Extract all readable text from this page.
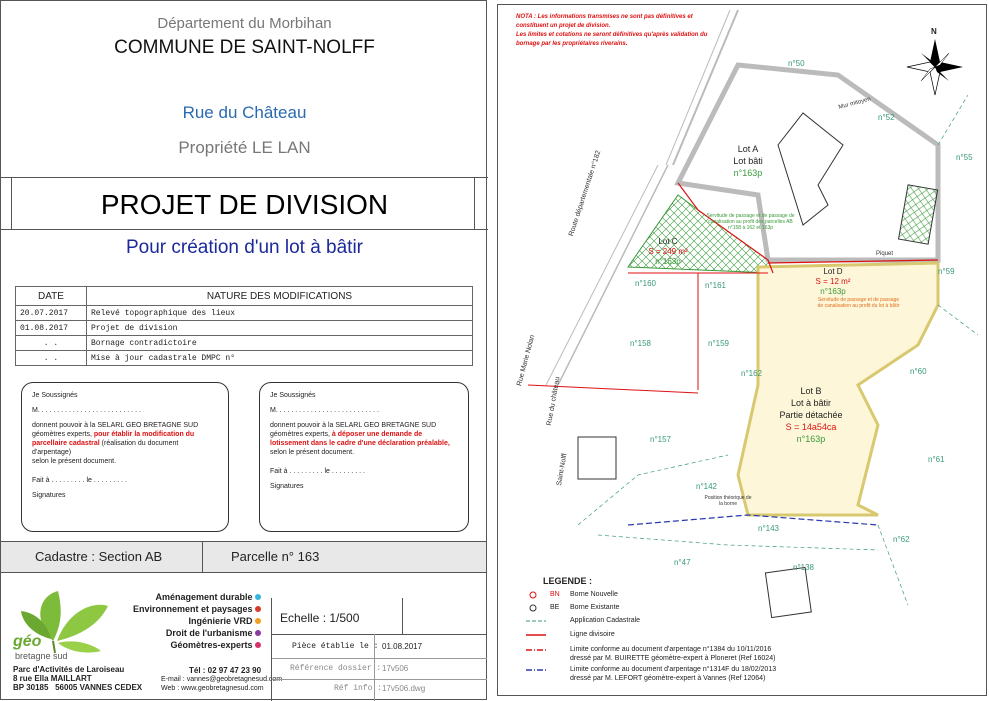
Département du Morbihan
COMMUNE DE SAINT-NOLFF
Rue du Château
Propriété LE LAN
PROJET DE DIVISION
Pour création d'un lot à bâtir
DATE	NATURE DES MODIFICATIONS
20.07.2017	Relevé topographique des lieux
01.08.2017	Projet de division
. .	Bornage contradictoire
. .	Mise à jour cadastrale DMPC n°
Je Soussignés
M. . . . . . . . . . . . . . . . . . . . . . . . . . .
donnent pouvoir à la SELARL GEO BRETAGNE SUD
géomètres experts, pour établir la modification du parcellaire cadastral (réalisation du document d'arpentage)
selon le présent document.
Fait à . . . . . . . . . le . . . . . . . . .
Signatures
Je Soussignés
M. . . . . . . . . . . . . . . . . . . . . . . . . . .
donnent pouvoir à la SELARL GEO BRETAGNE SUD
géomètres experts, à déposer une demande de lotissement dans le cadre d'une déclaration préalable,
selon le présent document.
Fait à . . . . . . . . . le . . . . . . . . .
Signatures
Cadastre : Section AB	Parcelle n° 163
géo
bretagne sud
Aménagement durable
Environnement et paysages
Ingénierie VRD
Droit de l'urbanisme
Géomètres-experts
Parc d'Activités de Laroiseau
8 rue Ella MAILLART
BP 30185 56005 VANNES CEDEX
Tél : 02 97 47 23 90
E-mail : vannes@geobretagnesud.com
Web : www.geobretagnesud.com
Echelle : 1/500
Pièce établie le : 01.08.2017
Référence dossier : 17v506
Réf info : 17v506.dwg
NOTA : Les informations transmises ne sont pas définitives et constituent un projet de division.
Les limites et cotations ne seront définitives qu'après validation du bornage par les propriétaires riverains.
N
Lot A
Lot bâti
n°163p
Lot B
Lot à bâtir
Partie détachée
S = 14a54ca
n°163p
Lot C
S = 249 m²
n°163p
Lot D
S = 12 m²
n°163p
Servitude de passage et de passage de canalisation au profit des parcelles AB n°158 à 162 et 163p
Servitude de passage et de passage de canalisation au profit du lot à bâtir
n°50
n°52
n°55
n°59
n°60
n°61
n°62
n°138
n°143
n°47
n°142
n°157
n°158	n°159
n°160	n°161
n°162
Route départementale n°182
Rue du château
Saint-Nolff
Rue Marie Nolan
Mur mitoyen
Piquet
Position théorique de la borne
LEGENDE :
BN Borne Nouvelle
BE Borne Existante
Application Cadastrale
Ligne divisoire
Limite conforme au document d'arpentage n°1384 du 10/11/2016
dressé par M. BUIRETTE géomètre-expert à Ploneret (Ref 16024)
Limite conforme au document d'arpentage n°1314F du 18/02/2013
dressé par M. LEFORT géomètre-expert à Vannes (Ref 12064)
